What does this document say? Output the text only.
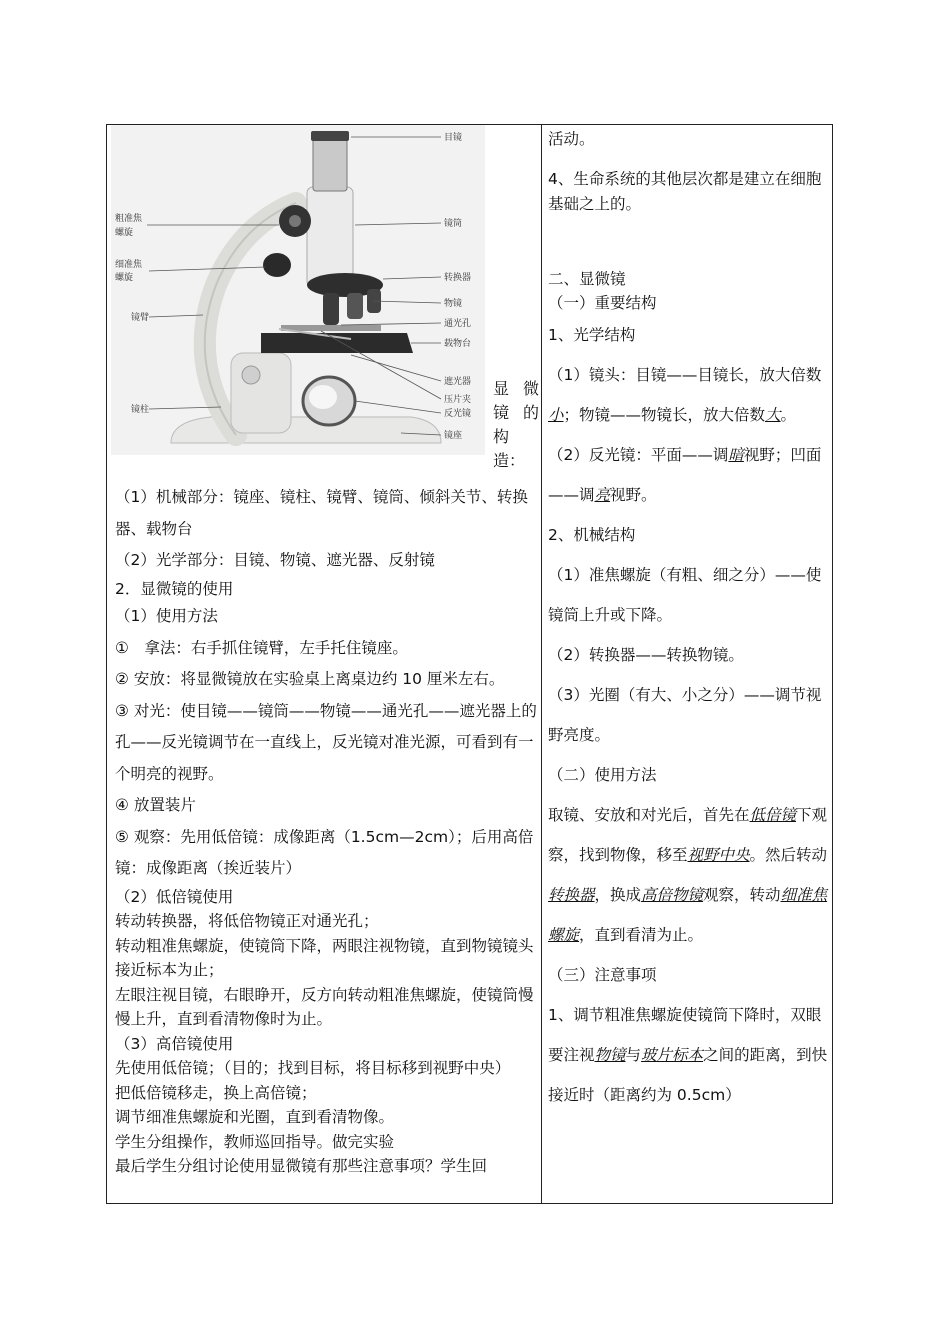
目镜
粗准焦
螺旋
镜筒
细准焦
螺旋	转换器
物镜
镜臂
通光孔
载物台
遮光器
压片夹
镜柱	反光镜
镜座
显 微
镜 的
构
造：

（1）机械部分：镜座、镜柱、镜臂、镜筒、倾斜关节、转换器、载物台

（2）光学部分：目镜、物镜、遮光器、反射镜

2．显微镜的使用

（1）使用方法

①　拿法：右手抓住镜臂，左手托住镜座。

② 安放：将显微镜放在实验桌上离桌边约 10 厘米左右。

③ 对光：使目镜——镜筒——物镜——通光孔——遮光器上的孔——反光镜调节在一直线上，反光镜对准光源，可看到有一个明亮的视野。

④ 放置装片

⑤ 观察：先用低倍镜：成像距离（1.5cm—2cm）；后用高倍镜：成像距离（挨近装片）

（2）低倍镜使用

转动转换器，将低倍物镜正对通光孔；

转动粗准焦螺旋，使镜筒下降，两眼注视物镜，直到物镜镜头接近标本为止；

左眼注视目镜，右眼睁开，反方向转动粗准焦螺旋，使镜筒慢慢上升，直到看清物像时为止。

（3）高倍镜使用

先使用低倍镜；（目的；找到目标，将目标移到视野中央）

把低倍镜移走，换上高倍镜；

调节细准焦螺旋和光圈，直到看清物像。

学生分组操作，教师巡回指导。做完实验

最后学生分组讨论使用显微镜有那些注意事项？学生回

活动。

4、生命系统的其他层次都是建立在细胞基础之上的。

二、显微镜

（一）重要结构

1、光学结构

（1）镜头：目镜——目镜长，放大倍数小；物镜——物镜长，放大倍数大。

（2）反光镜：平面——调暗视野；凹面——调亮视野。

2、机械结构

（1）准焦螺旋（有粗、细之分）——使镜筒上升或下降。

（2）转换器——转换物镜。

（3）光圈（有大、小之分）——调节视野亮度。

（二）使用方法

取镜、安放和对光后，首先在低倍镜下观察，找到物像，移至视野中央。然后转动转换器，换成高倍物镜观察，转动细准焦螺旋，直到看清为止。

（三）注意事项

1、调节粗准焦螺旋使镜筒下降时，双眼要注视物镜与玻片标本之间的距离，到快接近时（距离约为 0.5cm）
